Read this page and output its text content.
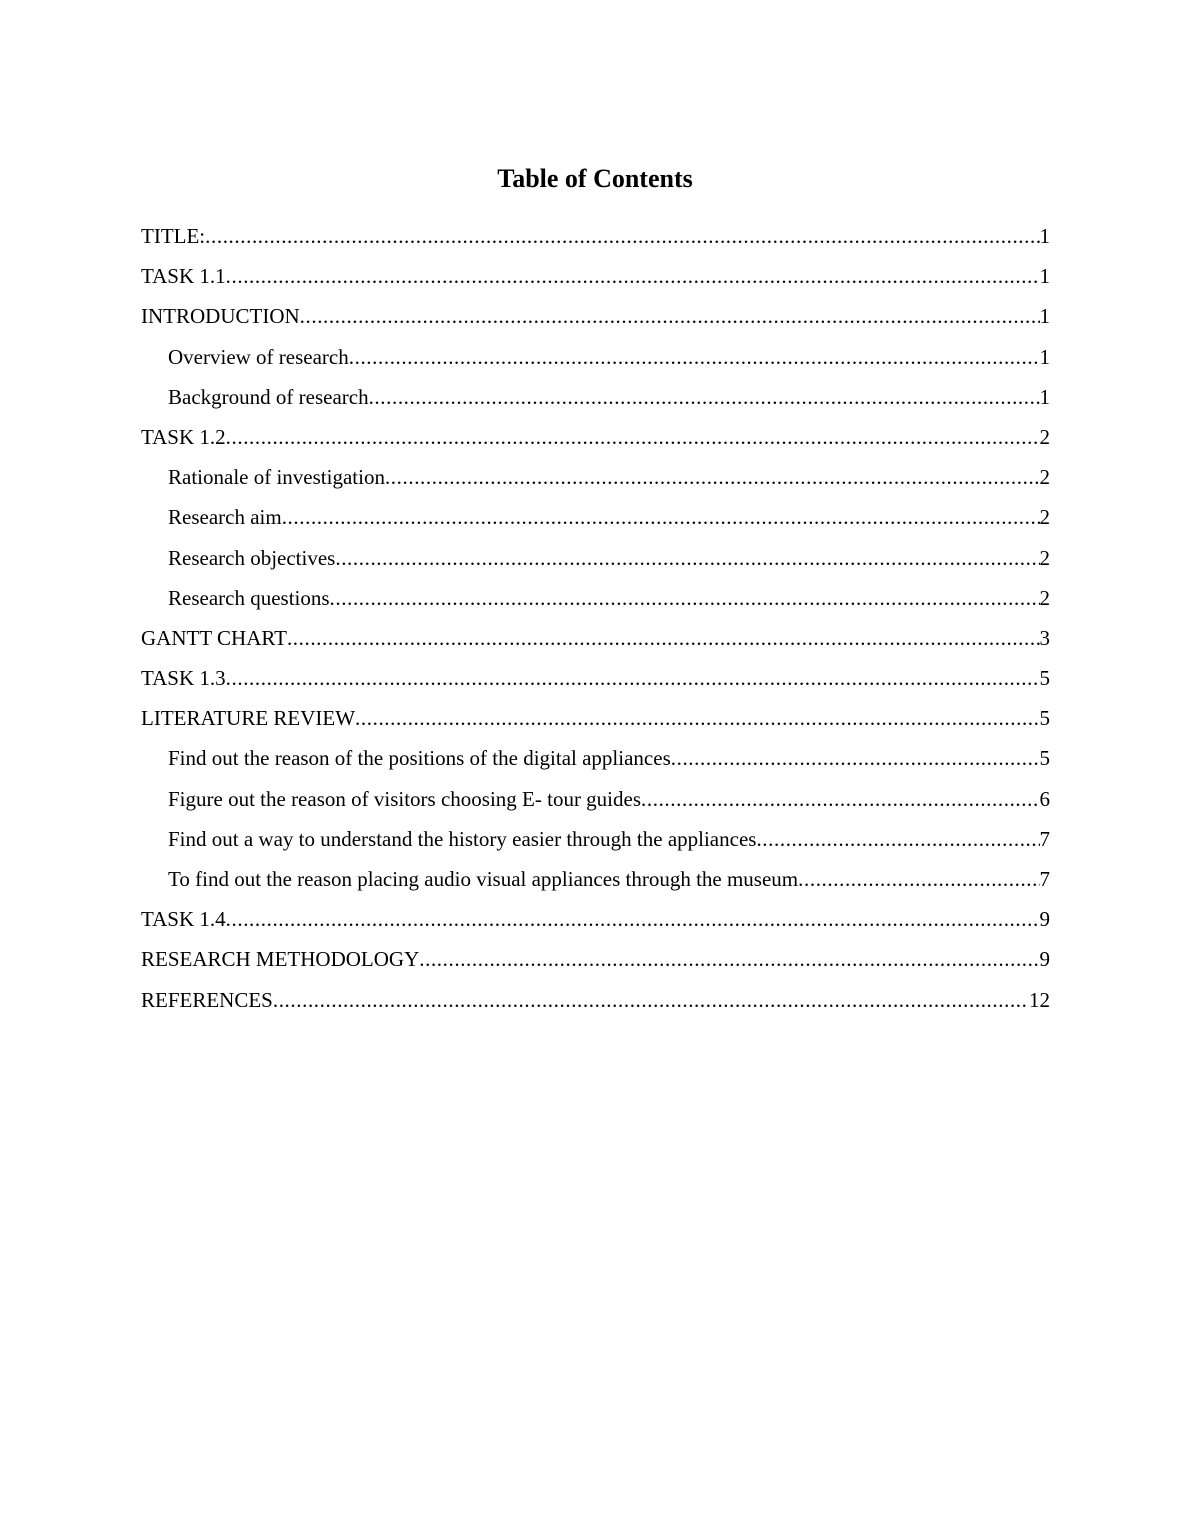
Table of Contents
TITLE: .....	1
TASK 1.1 .....	1
INTRODUCTION .....	1
Overview of research .....	1
Background of research .....	1
TASK 1.2 .....	2
Rationale of investigation .....	2
Research aim .....	2
Research objectives .....	2
Research questions .....	2
GANTT CHART .....	3
TASK 1.3 .....	5
LITERATURE REVIEW .....	5
Find out the reason of the positions of the digital appliances .....	5
Figure out the reason of visitors choosing E- tour guides .....	6
Find out a way to understand the history easier through the appliances .....	7
To find out the reason placing audio visual appliances through the museum .....	7
TASK 1.4 .....	9
RESEARCH METHODOLOGY .....	9
REFERENCES .....	12
